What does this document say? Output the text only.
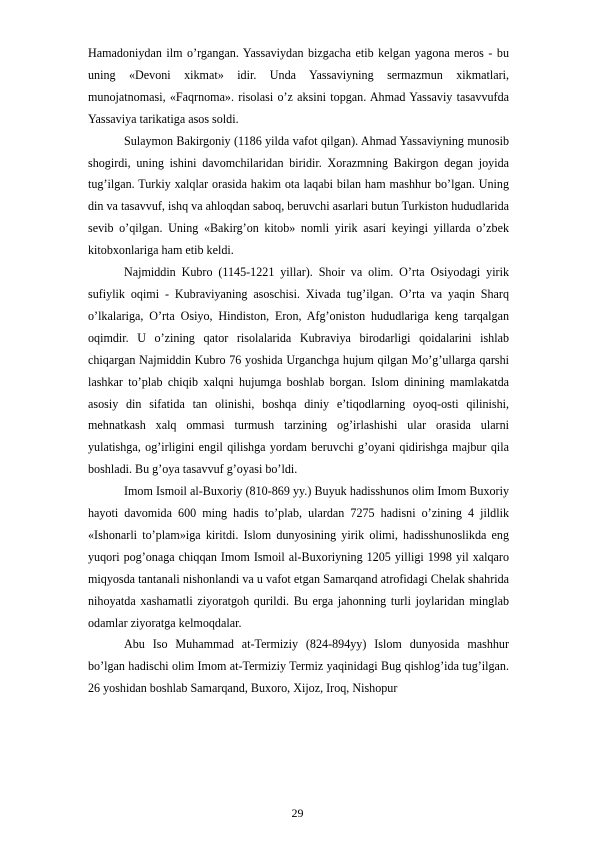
Hamadoniydan ilm o’rgangan. Yassaviydan bizgacha etib kelgan yagona meros - bu uning «Devoni xikmat» idir. Unda Yassaviyning sermazmun xikmatlari, munojatnomasi, «Faqrnoma». risolasi o’z aksini topgan. Ahmad Yassaviy tasavvufda Yassaviya tarikatiga asos soldi.

Sulaymon Bakirgoniy (1186 yilda vafot qilgan). Ahmad Yassaviyning munosib shogirdi, uning ishini davomchilaridan biridir. Xorazmning Bakirgon degan joyida tug’ilgan. Turkiy xalqlar orasida hakim ota laqabi bilan ham mashhur bo’lgan. Uning din va tasavvuf, ishq va ahloqdan saboq, beruvchi asarlari butun Turkiston hududlarida sevib o’qilgan. Uning «Bakirg’on kitob» nomli yirik asari keyingi yillarda o’zbek kitobxonlariga ham etib keldi.

Najmiddin Kubro (1145-1221 yillar). Shoir va olim. O’rta Osiyodagi yirik sufiylik oqimi - Kubraviyaning asoschisi. Xivada tug’ilgan. O’rta va yaqin Sharq o’lkalariga, O’rta Osiyo, Hindiston, Eron, Afg’oniston hududlariga keng tarqalgan oqimdir. U o’zining qator risolalarida Kubraviya birodarligi qoidalarini ishlab chiqargan Najmiddin Kubro 76 yoshida Urganchga hujum qilgan Mo’g’ullarga qarshi lashkar to’plab chiqib xalqni hujumga boshlab borgan. Islom dinining mamlakatda asosiy din sifatida tan olinishi, boshqa diniy e’tiqodlarning oyoq-osti qilinishi, mehnatkash xalq ommasi turmush tarzining og’irlashishi ular orasida ularni yulatishga, og’irligini engil qilishga yordam beruvchi g’oyani qidirishga majbur qila boshladi. Bu g’oya tasavvuf g’oyasi bo’ldi.

Imom Ismoil al-Buxoriy (810-869 yy.) Buyuk hadisshunos olim Imom Buxoriy hayoti davomida 600 ming hadis to’plab, ulardan 7275 hadisni o’zining 4 jildlik «Ishonarli to’plam»iga kiritdi. Islom dunyosining yirik olimi, hadisshunoslikda eng yuqori pog’onaga chiqqan Imom Ismoil al-Buxoriyning 1205 yilligi 1998 yil xalqaro miqyosda tantanali nishonlandi va u vafot etgan Samarqand atrofidagi Chelak shahrida nihoyatda xashamatli ziyoratgoh qurildi. Bu erga jahonning turli joylaridan minglab odamlar ziyoratga kelmoqdalar.

Abu Iso Muhammad at-Termiziy (824-894yy) Islom dunyosida mashhur bo’lgan hadischi olim Imom at-Termiziy Termiz yaqinidagi Bug qishlog’ida tug’ilgan. 26 yoshidan boshlab Samarqand, Buxoro, Xijoz, Iroq, Nishopur

29
